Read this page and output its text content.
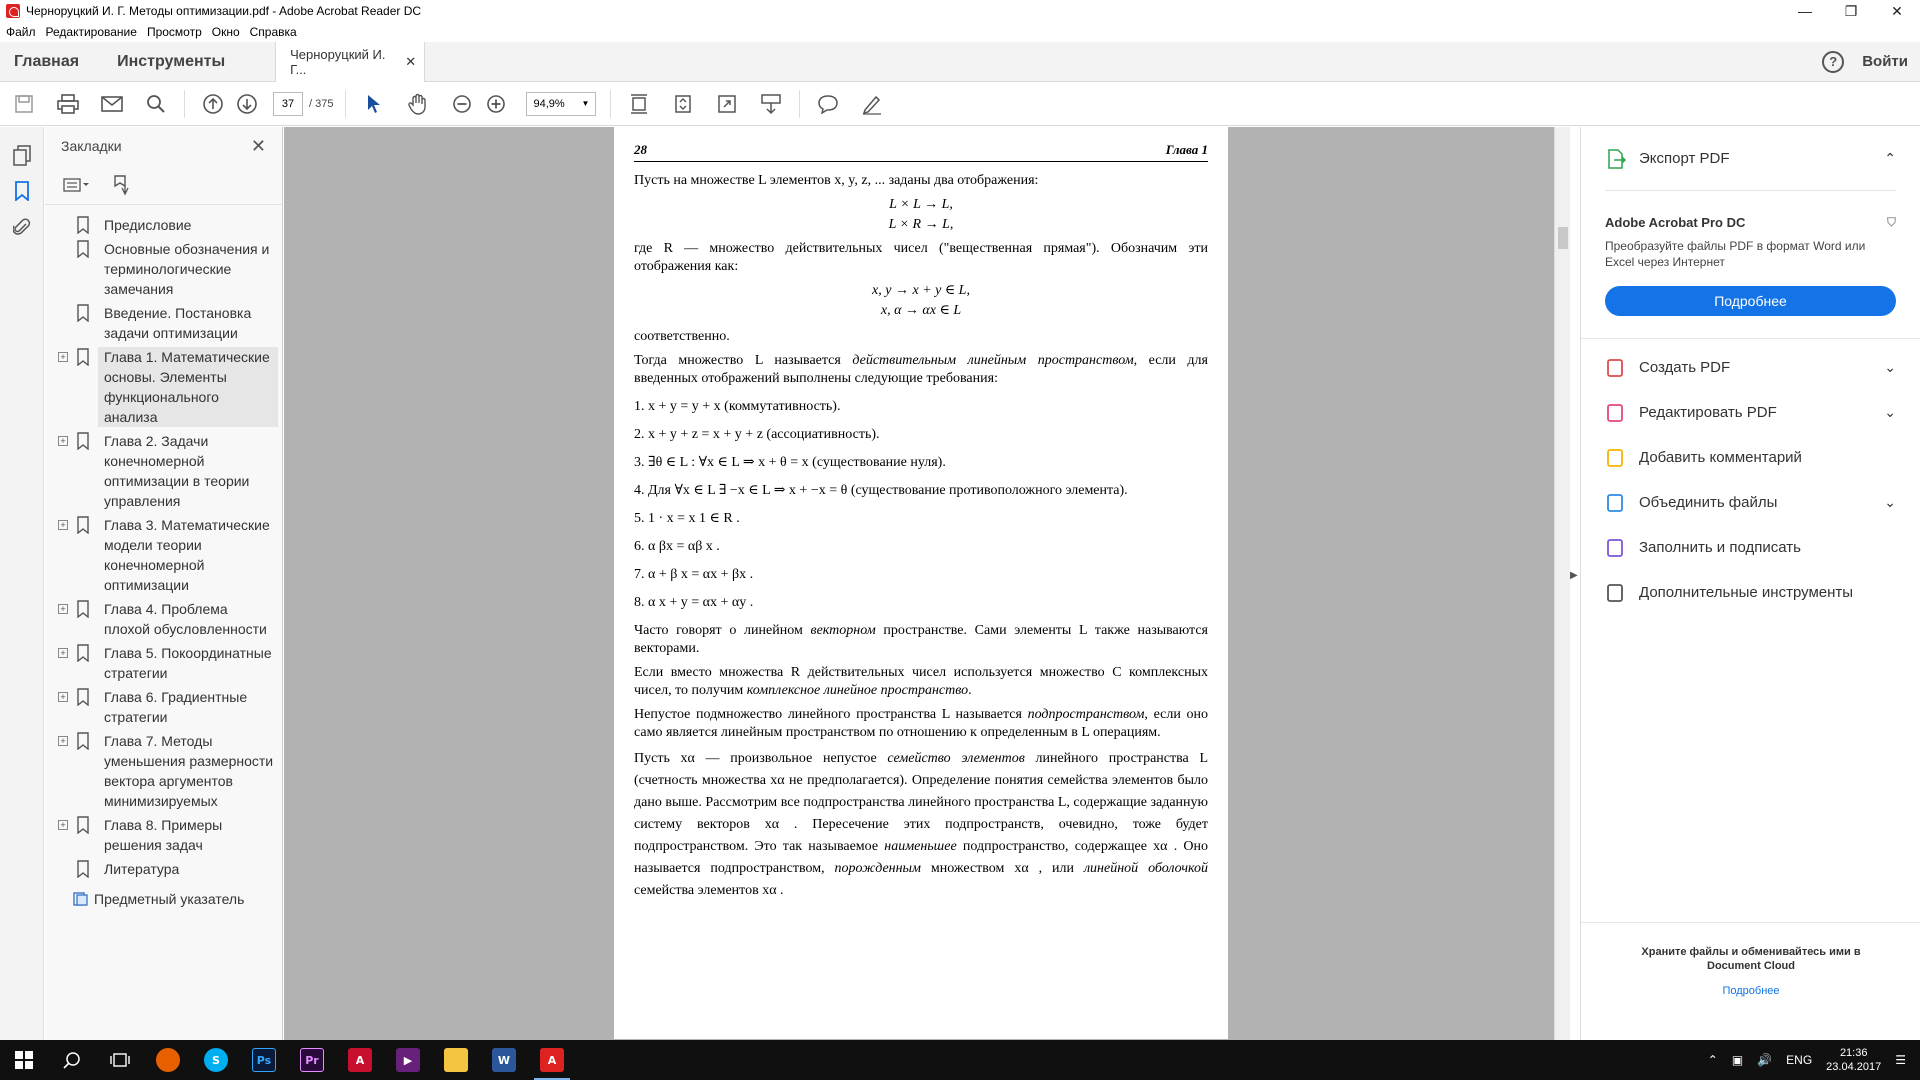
Черноруцкий И. Г. Методы оптимизации.pdf - Adobe Acrobat Reader DC	—	❐	✕
Файл Редактирование Просмотр Окно Справка
Главная Инструменты	Черноруцкий И. Г...
✕	?	Войти
37	/ 375	94,9% ▼
Закладки	✕
Предисловие
Основные обозначения и терминологические замечания
Введение. Постановка задачи оптимизации
+	Глава 1. Математические основы. Элементы функционального анализа
+	Глава 2. Задачи конечномерной оптимизации в теории управления
+	Глава 3. Математические модели теории конечномерной оптимизации
+	Глава 4. Проблема плохой обусловленности
+	Глава 5. Покоординатные стратегии
+	Глава 6. Градиентные стратегии
+	Глава 7. Методы уменьшения размерности вектора аргументов минимизируемых
+	Глава 8. Примеры решения задач
Литература
Предметный указатель
28	Глава 1

Пусть на множестве L элементов x, y, z, ... заданы два отображения:

L × L → L,
L × R → L,

где R — множество действительных чисел ("вещественная прямая"). Обозначим эти отображения как:

x, y → x + y ∈ L,
x, α → αx ∈ L

соответственно.

Тогда множество L называется действительным линейным пространством, если для введенных отображений выполнены следующие требования:

1. x + y = y + x (коммутативность).
2. x + y + z = x + y + z (ассоциативность).
3. ∃θ ∈ L : ∀x ∈ L ⇒ x + θ = x (существование нуля).
4. Для ∀x ∈ L ∃ −x ∈ L ⇒ x + −x = θ (существование противоположного элемента).
5. 1 · x = x 1 ∈ R .
6. α βx = αβ x .
7. α + β x = αx + βx .
8. α x + y = αx + αy .

Часто говорят о линейном векторном пространстве. Сами элементы L также называются векторами.

Если вместо множества R действительных чисел используется множество C комплексных чисел, то получим комплексное линейное пространство.

Непустое подмножество линейного пространства L называется подпространством, если оно само является линейным пространством по отношению к определенным в L операциям.

Пусть xα — произвольное непустое семейство элементов линейного пространства L (счетность множества xα не предполагается). Определение понятия семейства элементов было дано выше. Рассмотрим все подпространства линейного пространства L, содержащие заданную систему векторов xα . Пересечение этих подпространств, очевидно, тоже будет подпространством. Это так называемое наименьшее подпространство, содержащее xα . Оно называется подпространством, порожденным множеством xα , или линейной оболочкой семейства элементов xα .

▶
Экспорт PDF	⌃
Adobe Acrobat Pro DC	⛉
Преобразуйте файлы PDF в формат Word или Excel через Интернет
Подробнее
Создать PDF	⌄
Редактировать PDF	⌄
Добавить комментарий
Объединить файлы	⌄
Заполнить и подписать
Дополнительные инструменты
Храните файлы и обменивайтесь ими в Document Cloud
Подробнее
S	Ps	Pr	A	▶	W	A	⌃ ▣ 🔊 ENG	21:36
23.04.2017 ☰
